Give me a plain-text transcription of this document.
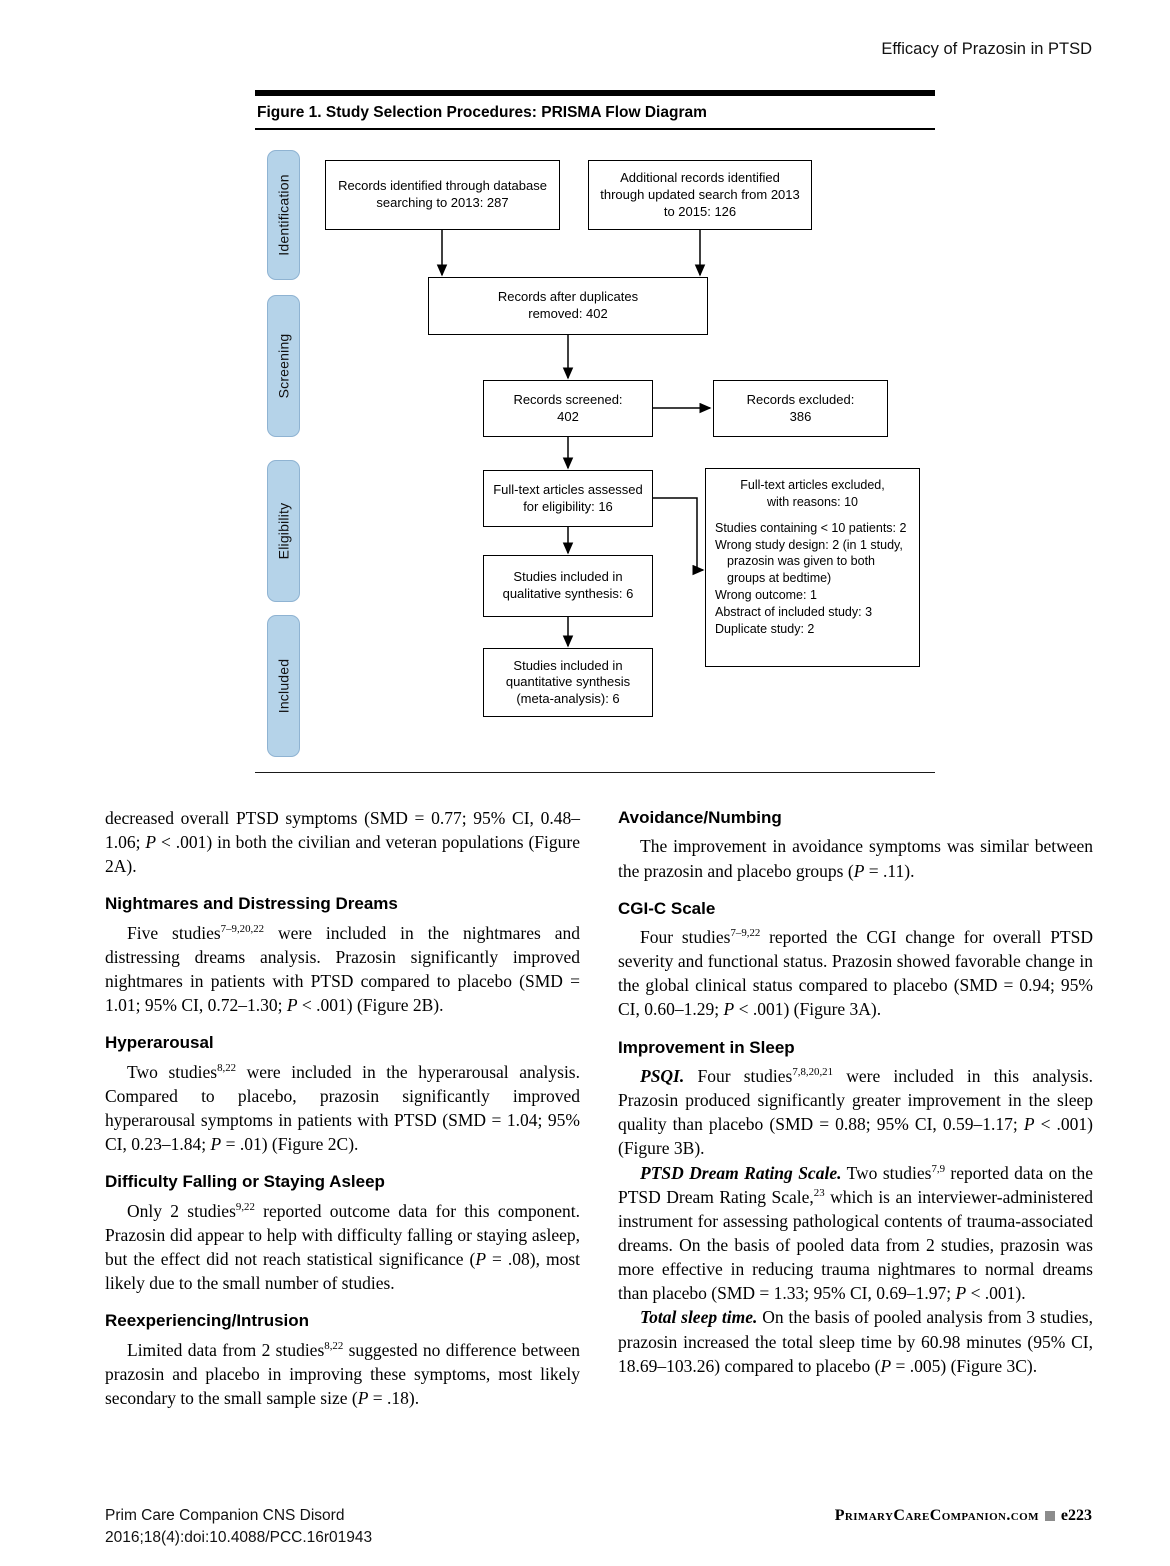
Efficacy of Prazosin in PTSD
Figure 1. Study Selection Procedures: PRISMA Flow Diagram
Identification
Screening
Eligibility
Included
Records identified through database
searching to 2013: 287
Additional records identified
through updated search from 2013
to 2015: 126
Records after duplicates
removed: 402
Records screened:
402
Records excluded:
386
Full-text articles assessed
for eligibility: 16
Full-text articles excluded,
with reasons: 10
Studies containing < 10 patients: 2
Wrong study design: 2 (in 1 study, prazosin was given to both groups at bedtime)
Wrong outcome: 1
Abstract of included study: 3
Duplicate study: 2
Studies included in
qualitative synthesis: 6
Studies included in
quantitative synthesis
(meta-analysis): 6

decreased overall PTSD symptoms (SMD = 0.77; 95% CI, 0.48–1.06; P < .001) in both the civilian and veteran populations (Figure 2A).

Nightmares and Distressing Dreams

Five studies$^{7-9,20,22}$ were included in the nightmares and distressing dreams analysis. Prazosin significantly improved nightmares in patients with PTSD compared to placebo (SMD = 1.01; 95% CI, 0.72–1.30; P < .001) (Figure 2B).

Hyperarousal

Two studies$^{8,22}$ were included in the hyperarousal analysis. Compared to placebo, prazosin significantly improved hyperarousal symptoms in patients with PTSD (SMD = 1.04; 95% CI, 0.23–1.84; P = .01) (Figure 2C).

Difficulty Falling or Staying Asleep

Only 2 studies$^{9,22}$ reported outcome data for this component. Prazosin did appear to help with difficulty falling or staying asleep, but the effect did not reach statistical significance (P = .08), most likely due to the small number of studies.

Reexperiencing/Intrusion

Limited data from 2 studies$^{8,22}$ suggested no difference between prazosin and placebo in improving these symptoms, most likely secondary to the small sample size (P = .18).

Avoidance/Numbing

The improvement in avoidance symptoms was similar between the prazosin and placebo groups (P = .11).

CGI-C Scale

Four studies$^{7-9,22}$ reported the CGI change for overall PTSD severity and functional status. Prazosin showed favorable change in the global clinical status compared to placebo (SMD = 0.94; 95% CI, 0.60–1.29; P < .001) (Figure 3A).

Improvement in Sleep

PSQI. Four studies$^{7,8,20,21}$ were included in this analysis. Prazosin produced significantly greater improvement in the sleep quality than placebo (SMD = 0.88; 95% CI, 0.59–1.17; P < .001) (Figure 3B).

PTSD Dream Rating Scale. Two studies$^{7,9}$ reported data on the PTSD Dream Rating Scale,$^{23}$ which is an interviewer-administered instrument for assessing pathological contents of trauma-associated dreams. On the basis of pooled data from 2 studies, prazosin was more effective in reducing trauma nightmares to normal dreams than placebo (SMD = 1.33; 95% CI, 0.69–1.97; P < .001).

Total sleep time. On the basis of pooled analysis from 3 studies, prazosin increased the total sleep time by 60.98 minutes (95% CI, 18.69–103.26) compared to placebo (P = .005) (Figure 3C).

Prim Care Companion CNS Disord
2016;18(4):doi:10.4088/PCC.16r01943
PrimaryCareCompanion.com e223
